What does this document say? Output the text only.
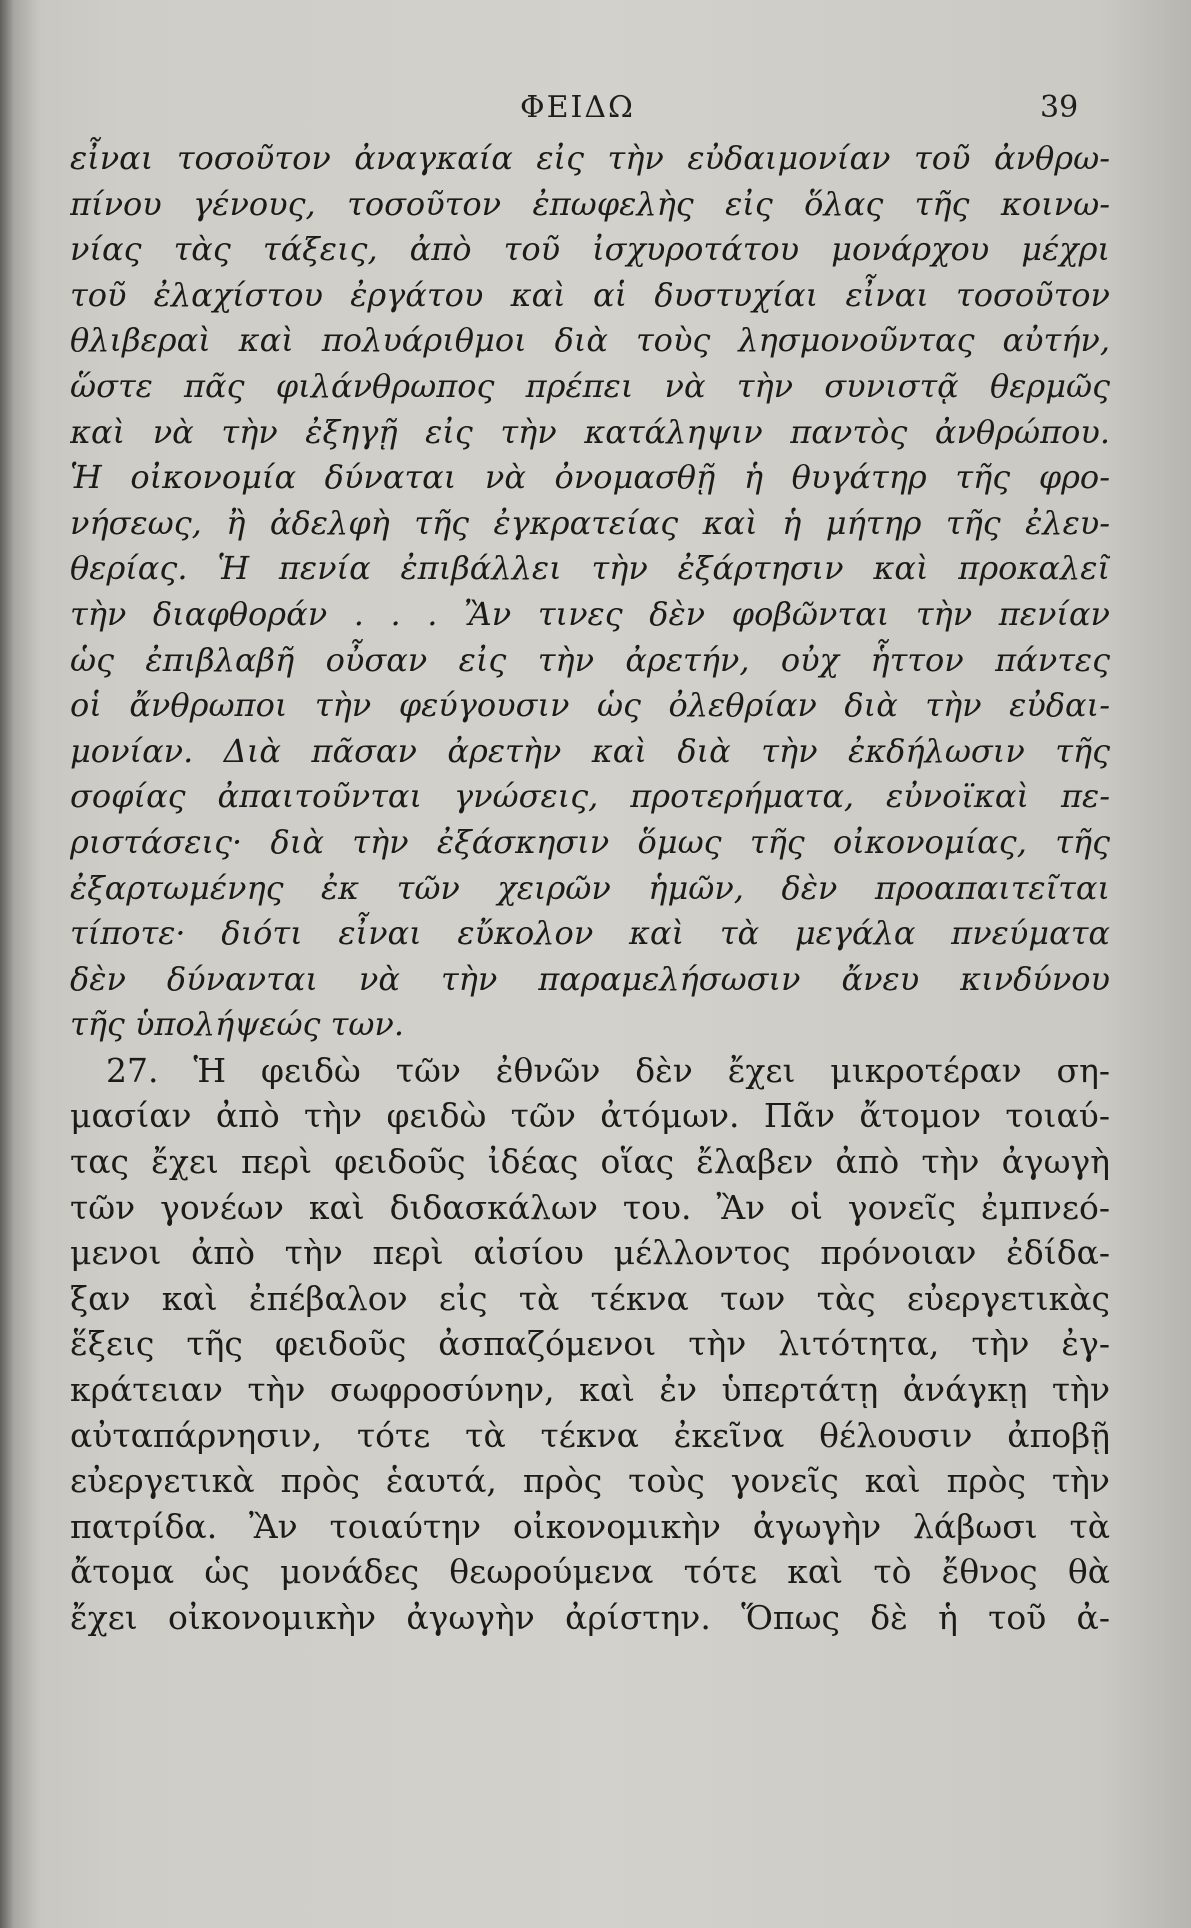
ΦΕΙΔΩ	39
εἶναι τοσοῦτον ἀναγκαία εἰς τὴν εὐδαιμονίαν τοῦ ἀνθρω-
πίνου γένους, τοσοῦτον ἐπωφελὴς εἰς ὅλας τῆς κοινω-
νίας τὰς τάξεις, ἀπὸ τοῦ ἰσχυροτάτου μονάρχου μέχρι
τοῦ ἐλαχίστου ἐργάτου καὶ αἱ δυστυχίαι εἶναι τοσοῦτον
θλιβεραὶ καὶ πολυάριθμοι διὰ τοὺς λησμονοῦντας αὐτήν,
ὥστε πᾶς φιλάνθρωπος πρέπει νὰ τὴν συνιστᾷ θερμῶς
καὶ νὰ τὴν ἐξηγῇ εἰς τὴν κατάληψιν παντὸς ἀνθρώπου.
Ἡ οἰκονομία δύναται νὰ ὀνομασθῇ ἡ θυγάτηρ τῆς φρο-
νήσεως, ἢ ἀδελφὴ τῆς ἐγκρατείας καὶ ἡ μήτηρ τῆς ἐλευ-
θερίας. Ἡ πενία ἐπιβάλλει τὴν ἐξάρτησιν καὶ προκαλεῖ
τὴν διαφθοράν . . . Ἂν τινες δὲν φοβῶνται τὴν πενίαν
ὡς ἐπιβλαβῆ οὖσαν εἰς τὴν ἀρετήν, οὐχ ἧττον πάντες
οἱ ἄνθρωποι τὴν φεύγουσιν ὡς ὀλεθρίαν διὰ τὴν εὐδαι-
μονίαν. Διὰ πᾶσαν ἀρετὴν καὶ διὰ τὴν ἐκδήλωσιν τῆς
σοφίας ἀπαιτοῦνται γνώσεις, προτερήματα, εὐνοϊκαὶ πε-
ριστάσεις· διὰ τὴν ἐξάσκησιν ὅμως τῆς οἰκονομίας, τῆς
ἐξαρτωμένης ἐκ τῶν χειρῶν ἡμῶν, δὲν προαπαιτεῖται
τίποτε· διότι εἶναι εὔκολον καὶ τὰ μεγάλα πνεύματα
δὲν δύνανται νὰ τὴν παραμελήσωσιν ἄνευ κινδύνου
τῆς ὑπολήψεώς των.
27. Ἡ φειδὼ τῶν ἐθνῶν δὲν ἔχει μικροτέραν ση-
μασίαν ἀπὸ τὴν φειδὼ τῶν ἀτόμων. Πᾶν ἄτομον τοιαύ-
τας ἔχει περὶ φειδοῦς ἰδέας οἵας ἔλαβεν ἀπὸ τὴν ἀγωγὴ
τῶν γονέων καὶ διδασκάλων του. Ἂν οἱ γονεῖς ἐμπνεό-
μενοι ἀπὸ τὴν περὶ αἰσίου μέλλοντος πρόνοιαν ἐδίδα-
ξαν καὶ ἐπέβαλον εἰς τὰ τέκνα των τὰς εὐεργετικὰς
ἕξεις τῆς φειδοῦς ἀσπαζόμενοι τὴν λιτότητα, τὴν ἐγ-
κράτειαν τὴν σωφροσύνην, καὶ ἐν ὑπερτάτῃ ἀνάγκῃ τὴν
αὐταπάρνησιν, τότε τὰ τέκνα ἐκεῖνα θέλουσιν ἀποβῇ
εὐεργετικὰ πρὸς ἑαυτά, πρὸς τοὺς γονεῖς καὶ πρὸς τὴν
πατρίδα. Ἂν τοιαύτην οἰκονομικὴν ἀγωγὴν λάβωσι τὰ
ἄτομα ὡς μονάδες θεωρούμενα τότε καὶ τὸ ἔθνος θὰ
ἔχει οἰκονομικὴν ἀγωγὴν ἀρίστην. Ὅπως δὲ ἡ τοῦ ἀ-
